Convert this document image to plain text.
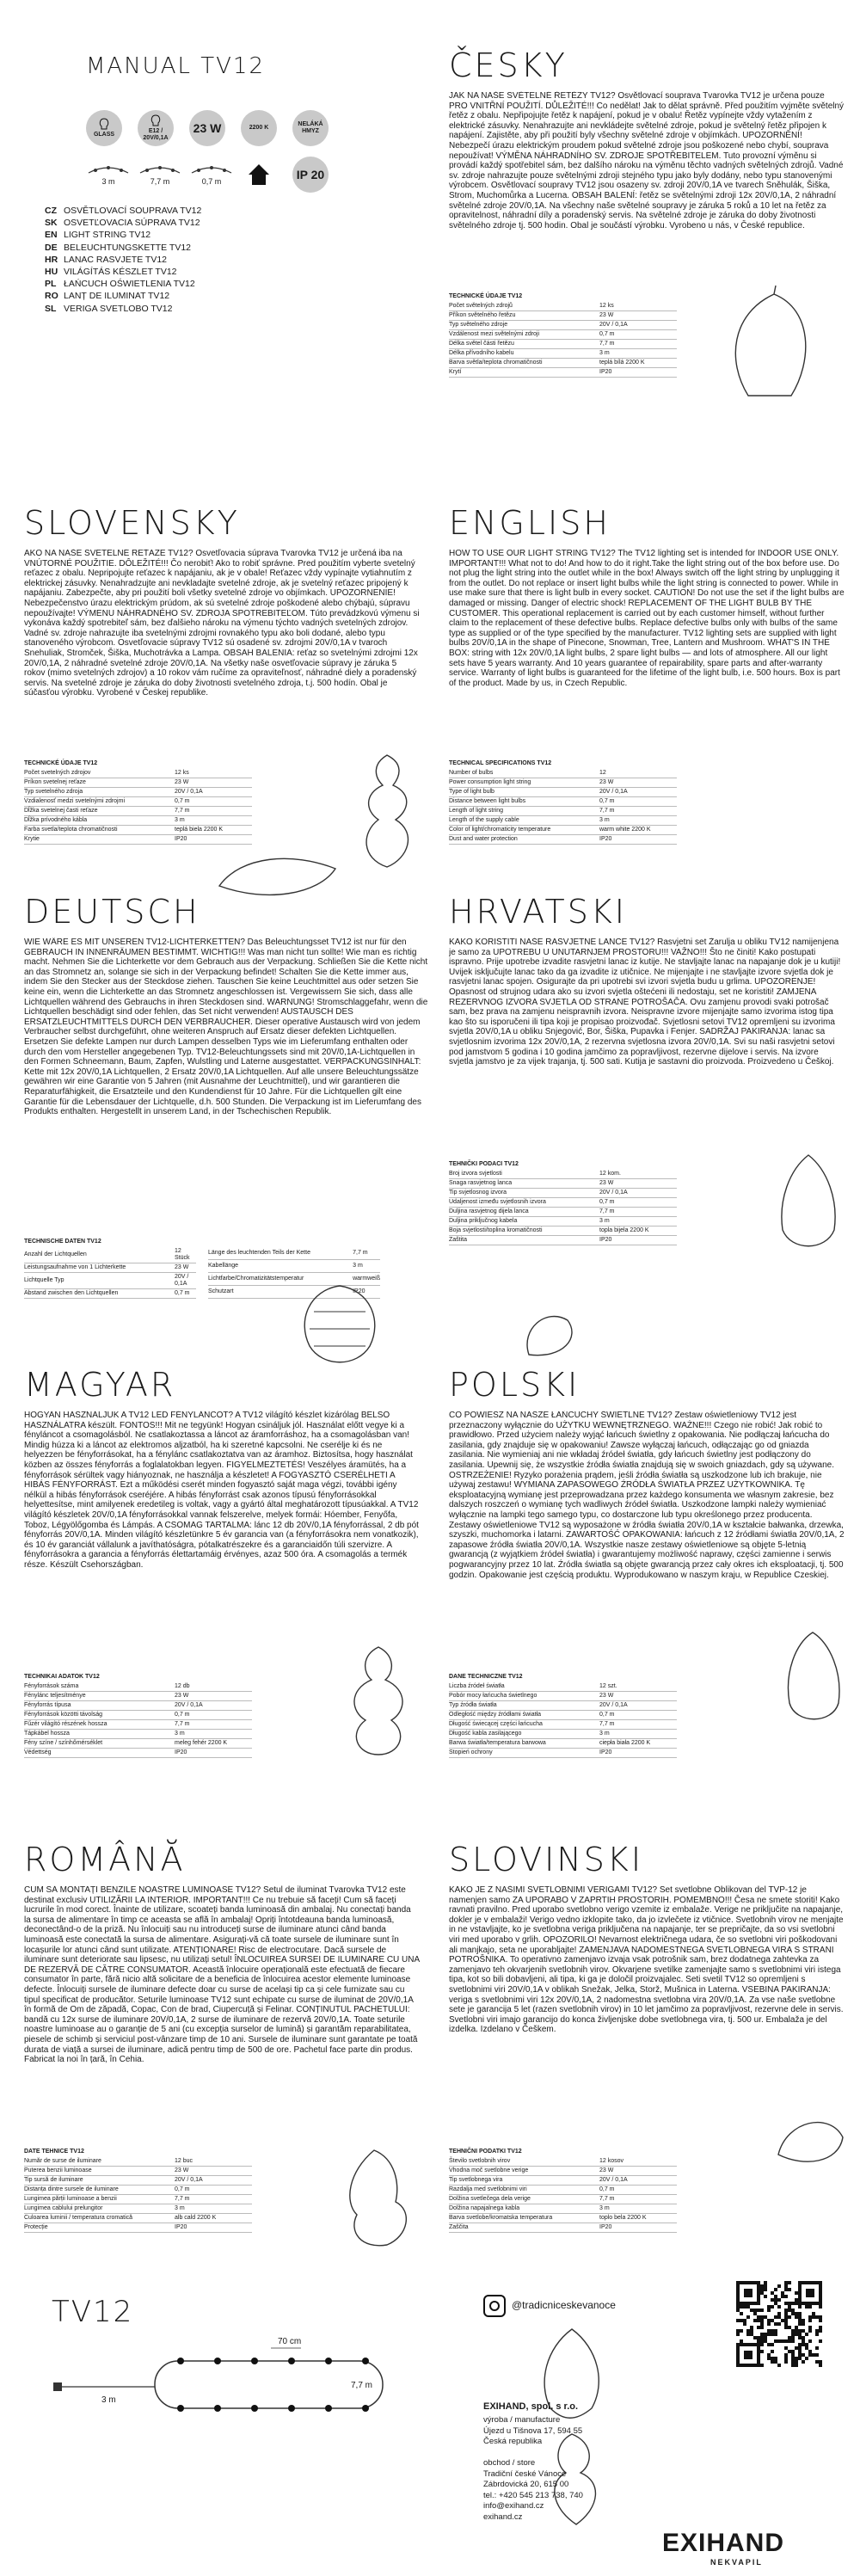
MANUAL TV12
GLASS
E12 / 20V/0,1A
23 W	2200 K
NELÁKÁ HMYZ
3 m	7,7 m	0,7 m	IP 20
CZ OSVĚTLOVACÍ SOUPRAVA TV12
SK OSVETĽOVACIA SÚPRAVA TV12
EN LIGHT STRING TV12
DE BELEUCHTUNGSKETTE TV12
HR LANAC RASVJETE TV12
HU VILÁGÍTÁS KÉSZLET TV12
PL ŁAŃCUCH OŚWIETLENIA TV12
RO LANȚ DE ILUMINAT TV12
SL VERIGA SVETLOBO TV12
ČESKY

JAK NA NAŠE SVĚTELNÉ ŘETĚZY TV12? Osvětlovací souprava Tvarovka TV12 je určena pouze PRO VNITŘNÍ POUŽITÍ. DŮLEŽITÉ!!! Co nedělat! Jak to dělat správně. Před použitím vyjměte světelný řetěz z obalu. Nepřipojujte řetěz k napájení, pokud je v obalu! Řetěz vypínejte vždy vytažením z elektrické zásuvky. Nenahrazujte ani nevkládejte světelné zdroje, pokud je světelný řetěz připojen k napájení. Zajistěte, aby při použití byly všechny světelné zdroje v objímkách. UPOZORNĚNÍ! Nebezpečí úrazu elektrickým proudem pokud světelné zdroje jsou poškozené nebo chybí, souprava nepoužívat! VÝMĚNA NÁHRADNÍHO SV. ZDROJE SPOTŘEBITELEM. Tuto provozní výměnu si provádí každý spotřebitel sám, bez dalšího nároku na výměnu těchto vadných světelných zdrojů. Vadné sv. zdroje nahrazujte pouze světelnými zdroji stejného typu jako byly dodány, nebo typu stanovenými výrobcem. Osvětlovací soupravy TV12 jsou osazeny sv. zdroji 20V/0,1A ve tvarech Sněhulák, Šiška, Strom, Muchomůrka a Lucerna. OBSAH BALENÍ: řetěz se světelnými zdroji 12x 20V/0,1A, 2 náhradní světelné zdroje 20V/0,1A. Na všechny naše světelné soupravy je záruka 5 roků a 10 let na řetěz za opravitelnost, náhradní díly a poradenský servis. Na světelné zdroje je záruka do doby životnosti světelného zdroje tj. 500 hodin. Obal je součástí výrobku. Vyrobeno u nás, v České republice.

TECHNICKÉ ÚDAJE TV12
Počet světelných zdrojů	12 ks
Příkon světelného řetězu	23 W
Typ světelného zdroje	20V / 0,1A
Vzdálenost mezi světelnými zdroji	0,7 m
Délka světel části řetězu	7,7 m
Délka přívodního kabelu	3 m
Barva světla/teplota chromatičnosti	teplá bílá 2200 K
Krytí	IP20
SLOVENSKY

AKO NA NAŠE SVETELNÉ REŤAZE TV12? Osvetľovacia súprava Tvarovka TV12 je určená iba na VNÚTORNÉ POUŽITIE. DÔLEŽITÉ!!! Čo nerobiť! Ako to robiť správne. Pred použitím vyberte svetelný reťazec z obalu. Nepripojujte reťazec k napájaniu, ak je v obale! Reťazec vždy vypínajte vytiahnutím z elektrickej zásuvky. Nenahradzujte ani nevkladajte svetelné zdroje, ak je svetelný reťazec pripojený k napájaniu. Zabezpečte, aby pri použití boli všetky svetelné zdroje vo objímkach. UPOZORNENIE! Nebezpečenstvo úrazu elektrickým prúdom, ak sú svetelné zdroje poškodené alebo chýbajú, súpravu nepoužívajte! VÝMENU NÁHRADNÉHO SV. ZDROJA SPOTREBITEĽOM. Túto prevádzkovú výmenu si vykonáva každý spotrebiteľ sám, bez ďalšieho nároku na výmenu týchto vadných svetelných zdrojov. Vadné sv. zdroje nahrazujte iba svetelnými zdrojmi rovnakého typu ako boli dodané, alebo typu stanoveného výrobcom. Osvetľovacie súpravy TV12 sú osadené sv. zdrojmi 20V/0,1A v tvaroch Snehuliak, Stromček, Šiška, Muchotrávka a Lampa. OBSAH BALENIA: reťaz so svetelnými zdrojmi 12x 20V/0,1A, 2 náhradné svetelné zdroje 20V/0,1A. Na všetky naše osvetľovacie súpravy je záruka 5 rokov (mimo svetelných zdrojov) a 10 rokov vám ručíme za opraviteľnosť, náhradné diely a poradenský servis. Na svetelné zdroje je záruka do doby životnosti svetelného zdroja, t.j. 500 hodín. Obal je súčasťou výrobku. Vyrobené v Českej republike.

TECHNICKÉ ÚDAJE TV12
Počet svetelných zdrojov	12 ks
Príkon svetelnej reťaze	23 W
Typ svetelného zdroja	20V / 0,1A
Vzdialenosť medzi svetelnými zdrojmi	0,7 m
Dĺžka svetelnej časti reťaze	7,7 m
Dĺžka prívodného kábla	3 m
Farba svetla/teplota chromatičnosti	teplá biela 2200 K
Krytie	IP20
ENGLISH

HOW TO USE OUR LIGHT STRING TV12? The TV12 lighting set is intended for INDOOR USE ONLY. IMPORTANT!!! What not to do! And how to do it right.Take the light string out of the box before use. Do not plug the light string into the outlet while in the box! Always switch off the light string by unplugging it from the outlet. Do not replace or insert light bulbs while the light string is connected to power. While in use make sure that there is light bulb in every socket. CAUTION! Do not use the set if the light bulbs are damaged or missing. Danger of electric shock! REPLACEMENT OF THE LIGHT BULB BY THE CUSTOMER. This operational replacement is carried out by each customer himself, without further claim to the replacement of these defective bulbs. Replace defective bulbs only with bulbs of the same type as supplied or of the type specified by the manufacturer. TV12 lighting sets are supplied with light bulbs 20V/0,1A in the shape of Pinecone, Snowman, Tree, Lantern and Mushroom. WHAT'S IN THE BOX: string with 12x 20V/0,1A light bulbs, 2 spare light bulbs — and lots of atmosphere. All our light sets have 5 years warranty. And 10 years guarantee of repairability, spare parts and after-warranty service. Warranty of light bulbs is guaranteed for the lifetime of the light bulb, i.e. 500 hours. Box is part of the product. Made by us, in Czech Republic.

TECHNICAL SPECIFICATIONS TV12
Number of bulbs	12
Power consumption light string	23 W
Type of light bulb	20V / 0,1A
Distance between light bulbs	0,7 m
Length of light string	7,7 m
Length of the supply cable	3 m
Color of light/chromaticity temperature	warm white 2200 K
Dust and water protection	IP20
DEUTSCH

WIE WÄRE ES MIT UNSEREN TV12-LICHTERKETTEN? Das Beleuchtungsset TV12 ist nur für den GEBRAUCH IN INNENRÄUMEN BESTIMMT. WICHTIG!!! Was man nicht tun sollte! Wie man es richtig macht. Nehmen Sie die Lichterkette vor dem Gebrauch aus der Verpackung. Schließen Sie die Kette nicht an das Stromnetz an, solange sie sich in der Verpackung befindet! Schalten Sie die Kette immer aus, indem Sie den Stecker aus der Steckdose ziehen. Tauschen Sie keine Leuchtmittel aus oder setzen Sie keine ein, wenn die Lichterkette an das Stromnetz angeschlossen ist. Vergewissern Sie sich, dass alle Lichtquellen während des Gebrauchs in ihren Steckdosen sind. WARNUNG! Stromschlaggefahr, wenn die Lichtquellen beschädigt sind oder fehlen, das Set nicht verwenden! AUSTAUSCH DES ERSATZLEUCHTMITTELS DURCH DEN VERBRAUCHER. Dieser operative Austausch wird von jedem Verbraucher selbst durchgeführt, ohne weiteren Anspruch auf Ersatz dieser defekten Lichtquellen. Ersetzen Sie defekte Lampen nur durch Lampen desselben Typs wie im Lieferumfang enthalten oder durch den vom Hersteller angegebenen Typ. TV12-Beleuchtungssets sind mit 20V/0,1A-Lichtquellen in den Formen Schneemann, Baum, Zapfen, Wulstling und Laterne ausgestattet. VERPACKUNGSINHALT: Kette mit 12x 20V/0,1A Lichtquellen, 2 Ersatz 20V/0,1A Lichtquellen. Auf alle unsere Beleuchtungssätze gewähren wir eine Garantie von 5 Jahren (mit Ausnahme der Leuchtmittel), und wir garantieren die Reparaturfähigkeit, die Ersatzteile und den Kundendienst für 10 Jahre. Für die Lichtquellen gilt eine Garantie für die Lebensdauer der Lichtquelle, d.h. 500 Stunden. Die Verpackung ist im Lieferumfang des Produkts enthalten. Hergestellt in unserem Land, in der Tschechischen Republik.

TECHNISCHE DATEN TV12
Anzahl der Lichtquellen	12 Stück
Leistungsaufnahme von 1 Lichterkette	23 W
Lichtquelle Typ	20V / 0,1A
Abstand zwischen den Lichtquellen	0,7 m
Länge des leuchtenden Teils der Kette	7,7 m
Kabellänge	3 m
Lichtfarbe/Chromatizitätstemperatur	warmweiß
Schutzart	IP20
HRVATSKI

KAKO KORISTITI NAŠE RASVJETNE LANCE TV12? Rasvjetni set Žarulja u obliku TV12 namijenjena je samo za UPOTREBU U UNUTARNJEM PROSTORU!!! VAŽNO!!! Što ne činiti! Kako postupati ispravno. Prije upotrebe izvadite rasvjetni lanac iz kutije. Ne stavljajte lanac na napajanje dok je u kutiji! Uvijek isključujte lanac tako da ga izvadite iz utičnice. Ne mijenjajte i ne stavljajte izvore svjetla dok je rasvjetni lanac spojen. Osigurajte da pri upotrebi svi izvori svjetla budu u grlima. UPOZORENJE! Opasnost od strujnog udara ako su izvori svjetla oštećeni ili nedostaju, set ne koristiti! ZAMJENA REZERVNOG IZVORA SVJETLA OD STRANE POTROŠAČA. Ovu zamjenu provodi svaki potrošač sam, bez prava na zamjenu neispravnih izvora. Neispravne izvore mijenjajte samo izvorima istog tipa kao što su isporučeni ili tipa koji je propisao proizvođač. Svjetlosni setovi TV12 opremljeni su izvorima svjetla 20V/0,1A u obliku Snjegović, Bor, Šiška, Pupavka i Fenjer. SADRŽAJ PAKIRANJA: lanac sa svjetlosnim izvorima 12x 20V/0,1A, 2 rezervna svjetlosna izvora 20V/0,1A. Svi su naši rasvjetni setovi pod jamstvom 5 godina i 10 godina jamčimo za popravljivost, rezervne dijelove i servis. Na izvore svjetla jamstvo je za vijek trajanja, tj. 500 sati. Kutija je sastavni dio proizvoda. Proizvedeno u Češkoj.

TEHNIČKI PODACI TV12
Broj izvora svjetlosti	12 kom.
Snaga rasvjetnog lanca	23 W
Tip svjetlosnog izvora	20V / 0,1A
Udaljenost između svjetlosnih izvora	0,7 m
Duljina rasvjetnog dijela lanca	7,7 m
Duljina priključnog kabela	3 m
Boja svjetlosti/toplina kromatičnosti	topla bijela 2200 K
Zaštita	IP20
MAGYAR

HOGYAN HASZNÁLJUK A TV12 LED FÉNYLÁNCOT? A TV12 világító készlet kizárólag BELSŐ HASZNÁLATRA készült. FONTOS!!! Mit ne tegyünk! Hogyan csináljuk jól. Használat előtt vegye ki a fényláncot a csomagolásból. Ne csatlakoztassa a láncot az áramforráshoz, ha a csomagolásban van! Mindig húzza ki a láncot az elektromos aljzatból, ha ki szeretné kapcsolni. Ne cserélje ki és ne helyezzen be fényforrásokat, ha a fénylánc csatlakoztatva van az áramhoz. Biztosítsa, hogy használat közben az összes fényforrás a foglalatokban legyen. FIGYELMEZTETÉS! Veszélyes áramütés, ha a fényforrások sérültek vagy hiányoznak, ne használja a készletet! A FOGYASZTÓ CSERÉLHETI A HIBÁS FÉNYFORRÁST. Ezt a működési cserét minden fogyasztó saját maga végzi, további igény nélkül a hibás fényforrások cseréjére. A hibás fényforrást csak azonos típusú fényforrásokkal helyettesítse, mint amilyenek eredetileg is voltak, vagy a gyártó által meghatározott típusúakkal. A TV12 világító készletek 20V/0,1A fényforrásokkal vannak felszerelve, melyek formái: Hóember, Fenyőfa, Toboz, Légyölőgomba és Lámpás. A CSOMAG TARTALMA: lánc 12 db 20V/0,1A fényforrással, 2 db pót fényforrás 20V/0,1A. Minden világító készletünkre 5 év garancia van (a fényforrásokra nem vonatkozik), és 10 év garanciát vállalunk a javíthatóságra, pótalkatrészekre és a garanciaidőn túli szervizre. A fényforrásokra a garancia a fényforrás élettartamáig érvényes, azaz 500 óra. A csomagolás a termék része. Készült Csehországban.

TECHNIKAI ADATOK TV12
Fényforrások száma	12 db
Fénylánc teljesítménye	23 W
Fényforrás típusa	20V / 0,1A
Fényforrások közötti távolság	0,7 m
Fűzér világító részének hossza	7,7 m
Tápkábel hossza	3 m
Fény színe / színhőmérséklet	meleg fehér 2200 K
Védettség	IP20
POLSKI

CO POWIESZ NA NASZE ŁAŃCUCHY ŚWIETLNE TV12? Zestaw oświetleniowy TV12 jest przeznaczony wyłącznie do UŻYTKU WEWNĘTRZNEGO. WAŻNE!!! Czego nie robić! Jak robić to prawidłowo. Przed użyciem należy wyjąć łańcuch świetlny z opakowania. Nie podłączaj łańcucha do zasilania, gdy znajduje się w opakowaniu! Zawsze wyłączaj łańcuch, odłączając go od gniazda zasilania. Nie wymieniaj ani nie wkładaj źródeł światła, gdy łańcuch świetlny jest podłączony do zasilania. Upewnij się, że wszystkie źródła światła znajdują się w swoich gniazdach, gdy są używane. OSTRZEŻENIE! Ryzyko porażenia prądem, jeśli źródła światła są uszkodzone lub ich brakuje, nie używaj zestawu! WYMIANA ZAPASOWEGO ŹRÓDŁA ŚWIATŁA PRZEZ UŻYTKOWNIKA. Tę eksploatacyjną wymianę jest przeprowadzana przez każdego konsumenta we własnym zakresie, bez dalszych roszczeń o wymianę tych wadliwych źródeł światła. Uszkodzone lampki należy wymieniać wyłącznie na lampki tego samego typu, co dostarczone lub typu określonego przez producenta. Zestawy oświetleniowe TV12 są wyposażone w źródła światła 20V/0,1A w kształcie bałwanka, drzewka, szyszki, muchomorka i latarni. ZAWARTOŚĆ OPAKOWANIA: łańcuch z 12 źródłami światła 20V/0,1A, 2 zapasowe źródła światła 20V/0,1A. Wszystkie nasze zestawy oświetleniowe są objęte 5-letnią gwarancją (z wyjątkiem źródeł światła) i gwarantujemy możliwość naprawy, części zamienne i serwis pogwarancyjny przez 10 lat. Źródła światła są objęte gwarancją przez cały okres ich eksploatacji, tj. 500 godzin. Opakowanie jest częścią produktu. Wyprodukowano w naszym kraju, w Republice Czeskiej.

DANE TECHNICZNE TV12
Liczba źródeł światła	12 szt.
Pobór mocy łańcucha świetlnego	23 W
Typ źródła światła	20V / 0,1A
Odległość między źródłami światła	0,7 m
Długość świecącej części łańcucha	7,7 m
Długość kabla zasilającego	3 m
Barwa światła/temperatura barwowa	ciepła biała 2200 K
Stopień ochrony	IP20
ROMÂNĂ

CUM SĂ MONTAȚI BENZILE NOASTRE LUMINOASE TV12? Setul de iluminat Tvarovka TV12 este destinat exclusiv UTILIZĂRII LA INTERIOR. IMPORTANT!!! Ce nu trebuie să faceți! Cum să faceți lucrurile în mod corect. Înainte de utilizare, scoateți banda luminoasă din ambalaj. Nu conectați banda la sursa de alimentare în timp ce aceasta se află în ambalaj! Opriți întotdeauna banda luminoasă, deconectând-o de la priză. Nu înlocuiți sau nu introduceți surse de iluminare atunci când banda luminoasă este conectată la sursa de alimentare. Asigurați-vă că toate sursele de iluminare sunt în locașurile lor atunci când sunt utilizate. ATENȚIONARE! Risc de electrocutare. Dacă sursele de iluminare sunt deteriorate sau lipsesc, nu utilizați setul! ÎNLOCUIREA SURSEI DE ILUMINARE CU UNA DE REZERVĂ DE CĂTRE CONSUMATOR. Această înlocuire operațională este efectuată de fiecare consumator în parte, fără nicio altă solicitare de a beneficia de înlocuirea acestor elemente luminoase defecte. Înlocuiți sursele de iluminare defecte doar cu surse de același tip ca și cele furnizate sau cu tipul specificat de producător. Seturile luminoase TV12 sunt echipate cu surse de iluminat de 20V/0,1A în formă de Om de zăpadă, Copac, Con de brad, Ciupercuță și Felinar. CONȚINUTUL PACHETULUI: bandă cu 12x surse de iluminare 20V/0,1A, 2 surse de iluminare de rezervă 20V/0,1A. Toate seturile noastre luminoase au o garanție de 5 ani (cu excepția surselor de lumină) și garantăm reparabilitatea, piesele de schimb și serviciul post-vânzare timp de 10 ani. Sursele de iluminare sunt garantate pe toată durata de viață a sursei de iluminare, adică pentru timp de 500 de ore. Pachetul face parte din produs. Fabricat la noi în țară, în Cehia.

DATE TEHNICE TV12
Număr de surse de iluminare	12 buc
Puterea benzii luminoase	23 W
Tip sursă de iluminare	20V / 0,1A
Distanța dintre sursele de iluminare	0,7 m
Lungimea părții luminoase a benzii	7,7 m
Lungimea cablului prelungitor	3 m
Culoarea luminii / temperatura cromatică	alb cald 2200 K
Protecție	IP20
SLOVINSKI

KAKO JE Z NAŠIMI SVETLOBNIMI VERIGAMI TV12? Set svetlobne Oblikovan del TVP-12 je namenjen samo ZA UPORABO V ZAPRTIH PROSTORIH. POMEMBNO!!! Česa ne smete storiti! Kako ravnati pravilno. Pred uporabo svetlobno verigo vzemite iz embalaže. Verige ne priključite na napajanje, dokler je v embalaži! Verigo vedno izklopite tako, da jo izvlečete iz vtičnice. Svetlobnih virov ne menjajte in ne vstavljajte, ko je svetlobna veriga priključena na napajanje, ter se prepričajte, da so vsi svetlobni viri med uporabo v grlih. OPOZORILO! Nevarnost električnega udara, če so svetlobni viri poškodovani ali manjkajo, seta ne uporabljajte! ZAMENJAVA NADOMESTNEGA SVETLOBNEGA VIRA S STRANI POTROŠNIKA. To operativno zamenjavo izvaja vsak potrošnik sam, brez dodatnega zahtevka za zamenjavo teh okvarjenih svetlobnih virov. Okvarjene svetilke zamenjajte samo s svetlobnimi viri istega tipa, kot so bili dobavljeni, ali tipa, ki ga je določil proizvajalec. Seti svetil TV12 so opremljeni s svetlobnimi viri 20V/0,1A v oblikah Snežak, Jelka, Storž, Mušnica in Laterna. VSEBINA PAKIRANJA: veriga s svetlobnimi viri 12x 20V/0,1A, 2 nadomestna svetlobna vira 20V/0,1A. Za vse naše svetlobne sete je garancija 5 let (razen svetlobnih virov) in 10 let jamčimo za popravljivost, rezervne dele in servis. Svetlobni viri imajo garancijo do konca življenjske dobe svetlobnega vira, tj. 500 ur. Embalaža je del izdelka. Izdelano v Češkem.

TEHNIČNI PODATKI TV12
Število svetlobnih virov	12 kosov
Vhodna moč svetlobne verige	23 W
Tip svetlobnega vira	20V / 0,1A
Razdalja med svetlobnimi viri	0,7 m
Dolžina svetlečega dela verige	7,7 m
Dolžina napajalnega kabla	3 m
Barva svetlobe/kromatska temperatura	toplo bela 2200 K
Zaščita	IP20
TV12
70 cm
7,7 m
3 m
@tradicniceskevanoce
EXIHAND, spol. s r.o.
výroba / manufacture
Újezd u Tišnova 17, 594 55
Česká republika
obchod / store
Tradiční české Vánoce
Zábrdovická 20, 615 00
tel.: +420 545 213 738, 740
info@exihand.cz
exihand.cz
EXIHAND
NEKVAPIL
